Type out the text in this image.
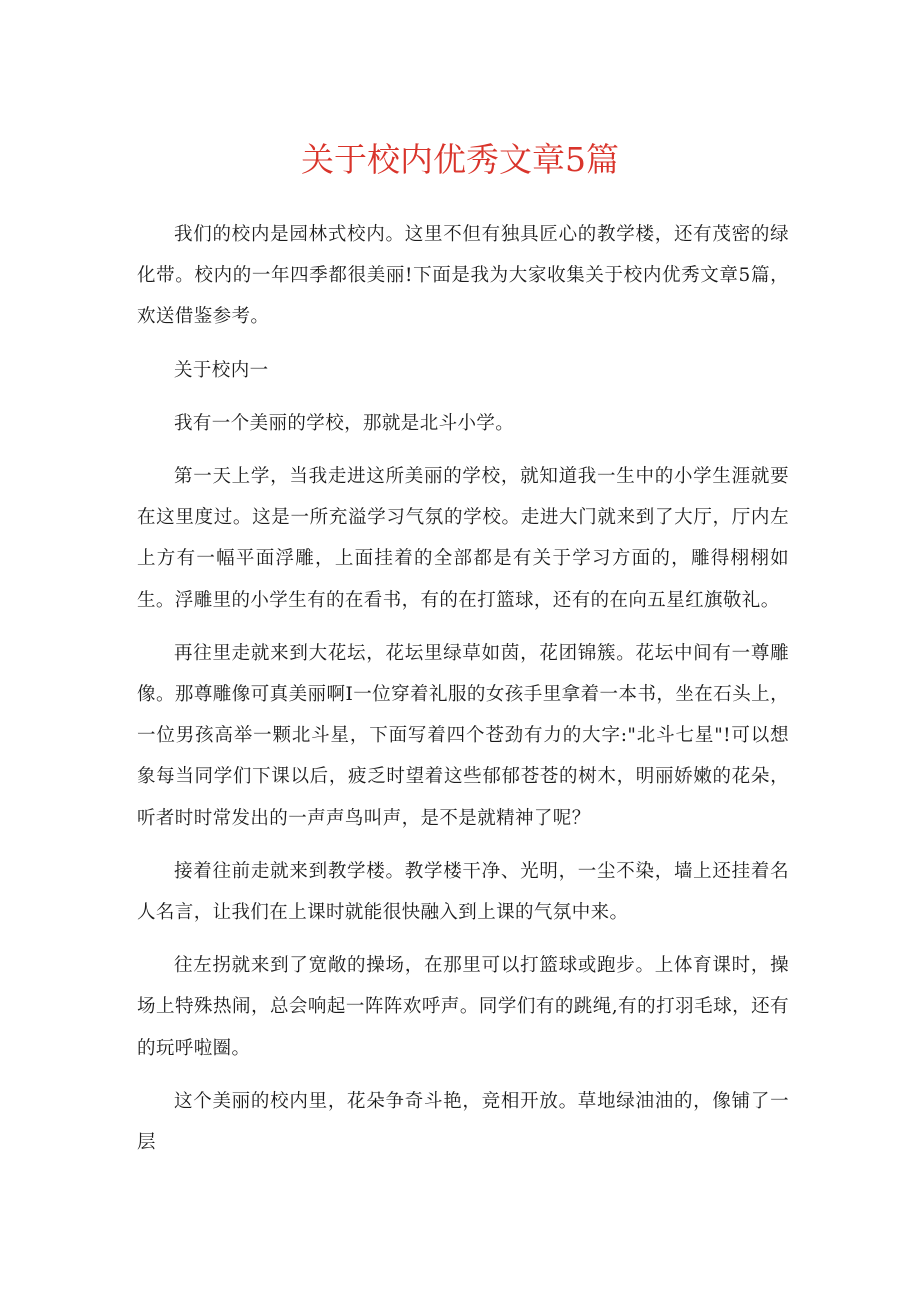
关于校内优秀文章5篇

我们的校内是园林式校内。这里不但有独具匠心的教学楼，还有茂密的绿化带。校内的一年四季都很美丽!下面是我为大家收集关于校内优秀文章5篇，欢送借鉴参考。

关于校内一

我有一个美丽的学校，那就是北斗小学。

第一天上学，当我走进这所美丽的学校，就知道我一生中的小学生涯就要在这里度过。这是一所充溢学习气氛的学校。走进大门就来到了大厅，厅内左上方有一幅平面浮雕，上面挂着的全部都是有关于学习方面的，雕得栩栩如生。浮雕里的小学生有的在看书，有的在打篮球，还有的在向五星红旗敬礼。

再往里走就来到大花坛，花坛里绿草如茵，花团锦簇。花坛中间有一尊雕像。那尊雕像可真美丽啊I一位穿着礼服的女孩手里拿着一本书，坐在石头上，一位男孩高举一颗北斗星，下面写着四个苍劲有力的大字:"北斗七星"!可以想象每当同学们下课以后，疲乏时望着这些郁郁苍苍的树木，明丽娇嫩的花朵，听者时时常发出的一声声鸟叫声，是不是就精神了呢？

接着往前走就来到教学楼。教学楼干净、光明，一尘不染，墙上还挂着名人名言，让我们在上课时就能很快融入到上课的气氛中来。

往左拐就来到了宽敞的操场，在那里可以打篮球或跑步。上体育课时，操场上特殊热闹，总会响起一阵阵欢呼声。同学们有的跳绳,有的打羽毛球，还有的玩呼啦圈。

这个美丽的校内里，花朵争奇斗艳，竞相开放。草地绿油油的，像铺了一层
